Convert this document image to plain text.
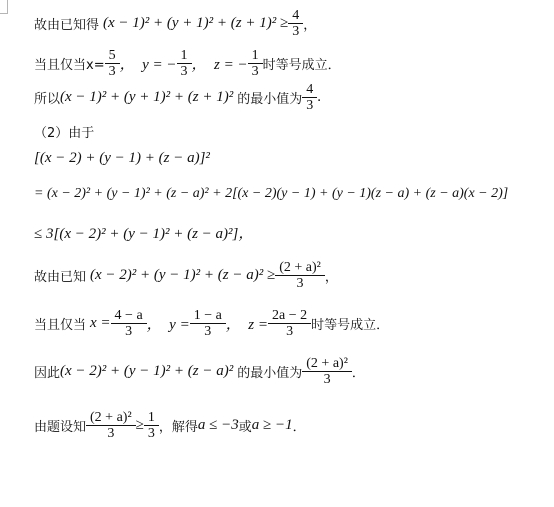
故由已知得 $(x - 1)^2 + (y + 1)^2 + (z + 1)^2 \ge \frac{4}{3}$ ，
当且仅当$x= \frac{5}{3}$ ，  y = − $\frac{1}{3}$ ，  z = − $\frac{1}{3}$ 时等号成立．
所以 (x − 1)² + (y + 1)² + (z + 1)² 的最小值为 $\frac{4}{3}$ .
（2）由于
[(x − 2) + (y − 1) + (z − a)]²
= (x − 2)² + (y − 1)² + (z − a)² + 2[(x − 2)(y − 1) + (y − 1)(z − a) + (z − a)(x − 2)]
≤ 3[(x − 2)² + (y − 1)² + (z − a)²]，
故由已知 $(x - 2)^2 + (y - 1)^2 + (z - a)^2 \ge \frac{\text{(2 + a)²}}{3}$ ，
当且仅当 $x = \frac{4 - a}{3}$ ，  $y = \frac{1 - a}{3}$ ，  $z = \frac{2a - 2}{3}$ 时等号成立．
因此 (x − 2)² + (y − 1)² + (z − a)² 的最小值为 $\frac{\text{(2 + a)²}}{3}$ ．
由题设知 $\frac{\text{(2 + a)²}}{3} \ge \frac{1}{3}$ ，解得 a ≤ −3 或 a ≥ −1 ．
